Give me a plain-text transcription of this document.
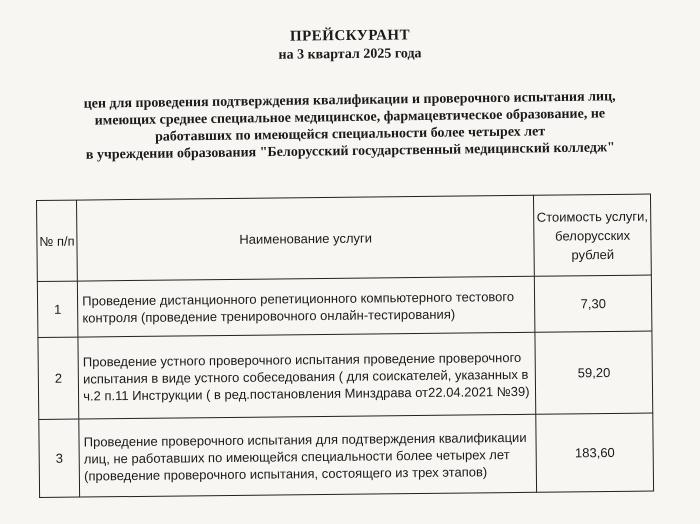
ПРЕЙСКУРАНТ
на 3 квартал 2025 года
цен для проведения подтверждения квалификации и проверочного испытания лиц,
имеющих среднее специальное медицинское, фармацевтическое образование, не
работавших по имеющейся специальности более четырех лет
в учреждении образования "Белорусский государственный медицинский колледж"
№ п/п	Наименование услуги	Стоимость услуги, белорусских рублей
1	Проведение дистанционного репетиционного компьютерного тестового контроля (проведение тренировочного онлайн-тестирования)	7,30
2	Проведение устного проверочного испытания проведение проверочного испытания в виде устного собеседования ( для соискателей, указанных в ч.2 п.11 Инструкции ( в ред.постановления Минздрава от22.04.2021 №39)	59,20
3	Проведение проверочного испытания для подтверждения квалификации лиц, не работавших по имеющейся специальности более четырех лет (проведение проверочного испытания, состоящего из трех этапов)	183,60
